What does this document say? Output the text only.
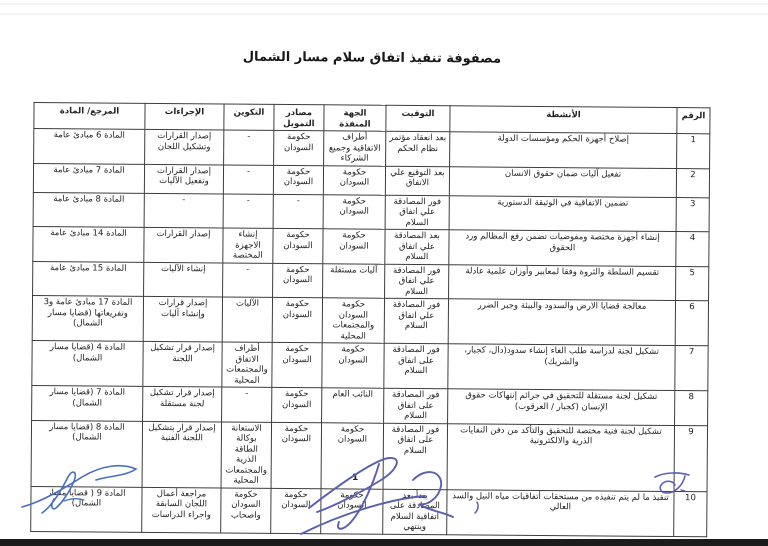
مصفوفة تنفيذ اتفاق سلام مسار الشمال
الرقم	الأنشطة	التوقيت	الجهة المنفذة	مصادر التمويل	التكوين	الإجراءات	المرجع/ المادة
1	إصلاح أجهزة الحكم ومؤسسات الدولة	بعد انعقاد مؤتمر نظام الحكم	أطراف الاتفاقية وجميع الشركاء	حكومة السودان	-	إصدار القرارات وتشكيل اللجان	المادة 6 مبادئ عامة
2	تفعيل آليات ضمان حقوق الانسان	بعد التوقيع علي الاتفاق	حكومة السودان	حكومة السودان	-	إصدار القرارات وتفعيل الآليات	المادة 7 مبادئ عامة
3	تضمين الاتفاقية في الوثيقة الدستورية	فور المصادقة علي اتفاق السلام	حكومة السودان	-	-	-	المادة 8 مبادئ عامة
4	إنشاء أجهزة مختصة ومفوضيات تضمن رفع المظالم ورد الحقوق	بعد المصادقة علي اتفاق السلام	حكومة السودان	حكومة السودان	إنشاء الاجهزة المختصة	إصدار القرارات	المادة 14 مبادئ عامة
5	تقسيم السلطة والثروة وفقا لمعايير وأوزان علمية عادلة	فور المصادقة علي اتفاق السلام	آليات مستقلة	حكومة السودان	-	إنشاء الآليات	المادة 15 مبادئ عامة
6	معالجة قضايا الارض والسدود والبيئة وجبر الضرر	فور المصادقة علي اتفاق السلام	حكومة السودان والمجتمعات المحلية	حكومة السودان	الآليات	إصدار قرارات وإنشاء آليات	المادة 17 مبادئ عامة و3 وتفريعاتها (قضايا مسار الشمال)
7	تشكيل لجنة لدراسة طلب الغاء إنشاء سدود(دال، كجبار، والشريك)	فور المصادقة على اتفاق السلام	حكومة السودان	حكومة السودان	أطراف الاتفاق والمجتمعات المحلية	إصدار قرار تشكيل اللجنة	المادة 4 (قضايا مسار الشمال)
8	تشكيل لجنة مستقلة للتحقيق في جرائم إنتهاكات حقوق الإنسان (كجبار / العرقوب)	فور المصادقة على اتفاق السلام	النائب العام	حكومة السودان	-	إصدار قرار تشكيل لجنة مستقلة	المادة 7 (قضايا مسار الشمال)
9	تشكيل لجنة فنية مختصة للتحقيق والتأكد من دفن النفايات الذرية والالكترونية	فور المصادقة على اتفاق السلام	حكومة السودان	حكومة السودان	الاستعانة بوكالة الطاقة الذرية والمجتمعات المحلية	إصدار قرار بتشكيل اللجنة الفنية	المادة 8 (قضايا مسار الشمال)
10	تنفيذ ما لم يتم تنفيذه من مستحقات أتفاقيات مياه النيل والسد العالي	يبدأ بعد المصادقة على اتفاقية السلام وينتهي	حكومة السودان	حكومة السودان	حكومة السودان واصحاب	مراجعة أعمال اللجان السابقة واجراء الدراسات	المادة 9 ( قضايا مسار الشمال)
1
